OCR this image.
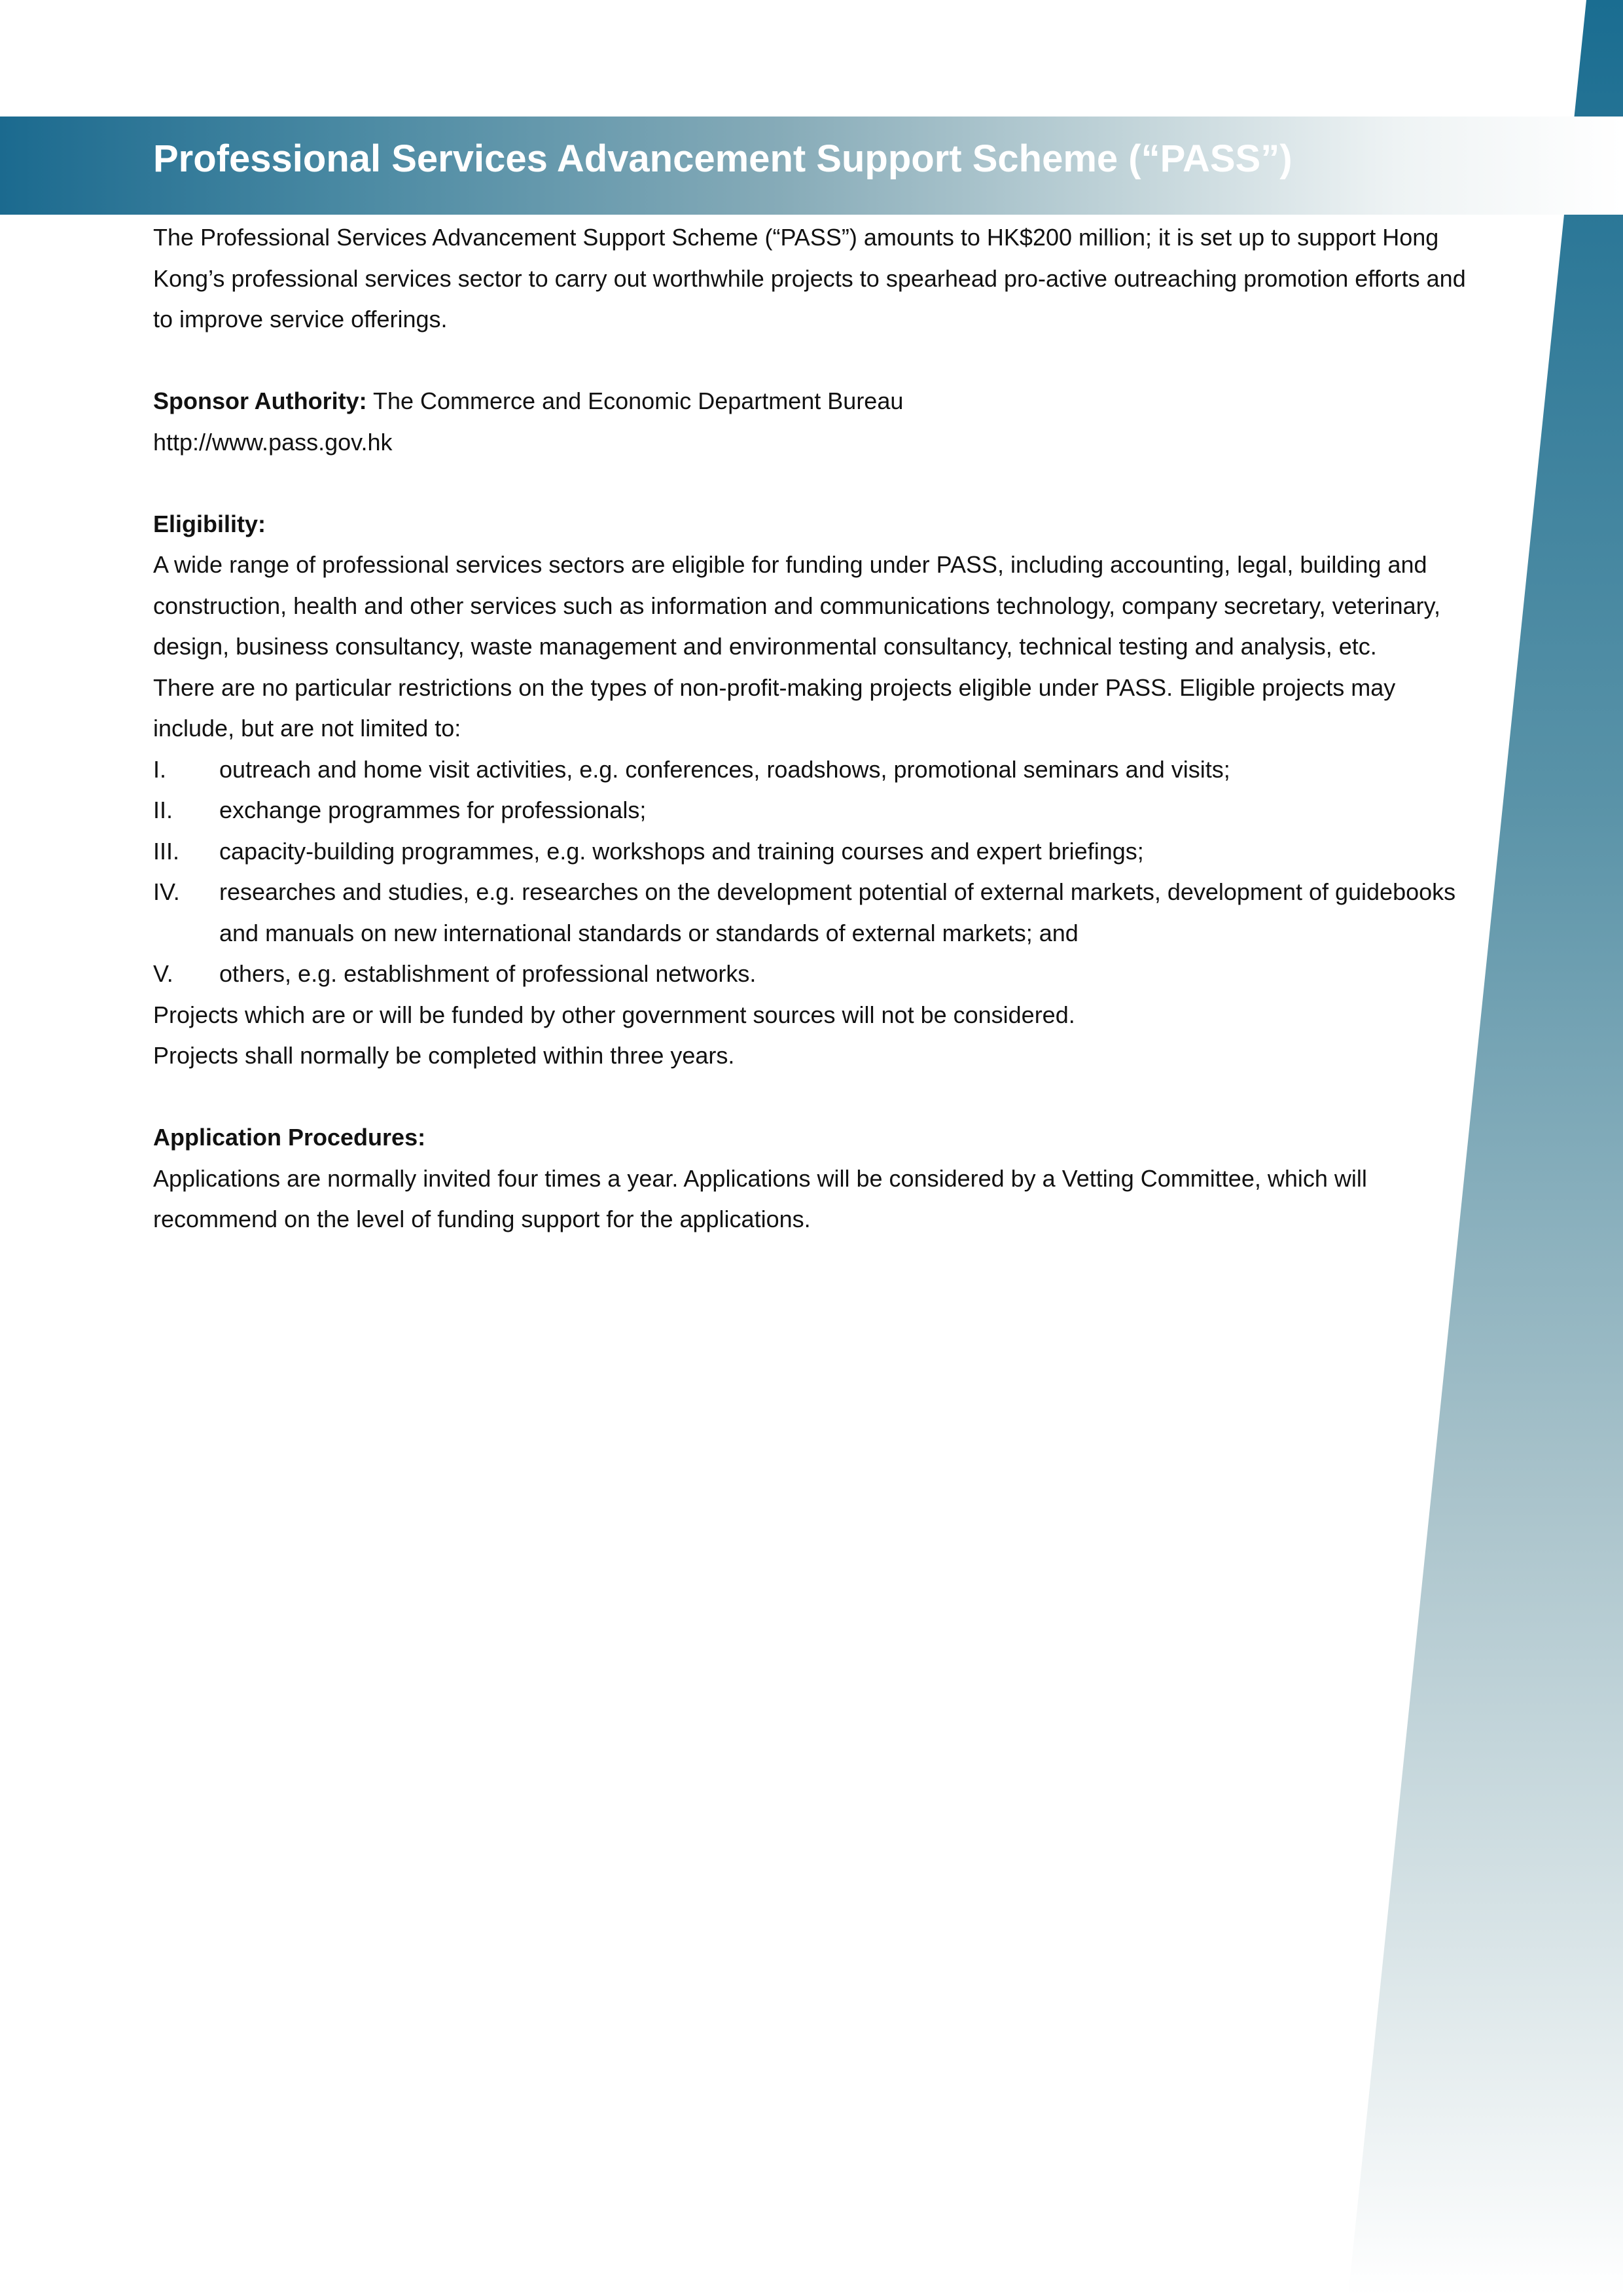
Professional Services Advancement Support Scheme (“PASS”)

The Professional Services Advancement Support Scheme (“PASS”) amounts to HK$200 million; it is set up to support Hong Kong’s professional services sector to carry out worthwhile projects to spearhead pro-active outreaching promotion efforts and to improve service offerings.

Sponsor Authority: The Commerce and Economic Department Bureau

http://www.pass.gov.hk

Eligibility:

A wide range of professional services sectors are eligible for funding under PASS, including accounting, legal, building and construction, health and other services such as information and communications technology, company secretary, veterinary, design, business consultancy, waste management and environmental consultancy, technical testing and analysis, etc.

There are no particular restrictions on the types of non-profit-making projects eligible under PASS. Eligible projects may include, but are not limited to:

I.	outreach and home visit activities, e.g. conferences, roadshows, promotional seminars and visits;
II.	exchange programmes for professionals;
III.	capacity-building programmes, e.g. workshops and training courses and expert briefings;
IV.	researches and studies, e.g. researches on the development potential of external markets, development of guidebooks and manuals on new international standards or standards of external markets; and
V.	others, e.g. establishment of professional networks.

Projects which are or will be funded by other government sources will not be considered.

Projects shall normally be completed within three years.

Application Procedures:

Applications are normally invited four times a year. Applications will be considered by a Vetting Committee, which will recommend on the level of funding support for the applications.
